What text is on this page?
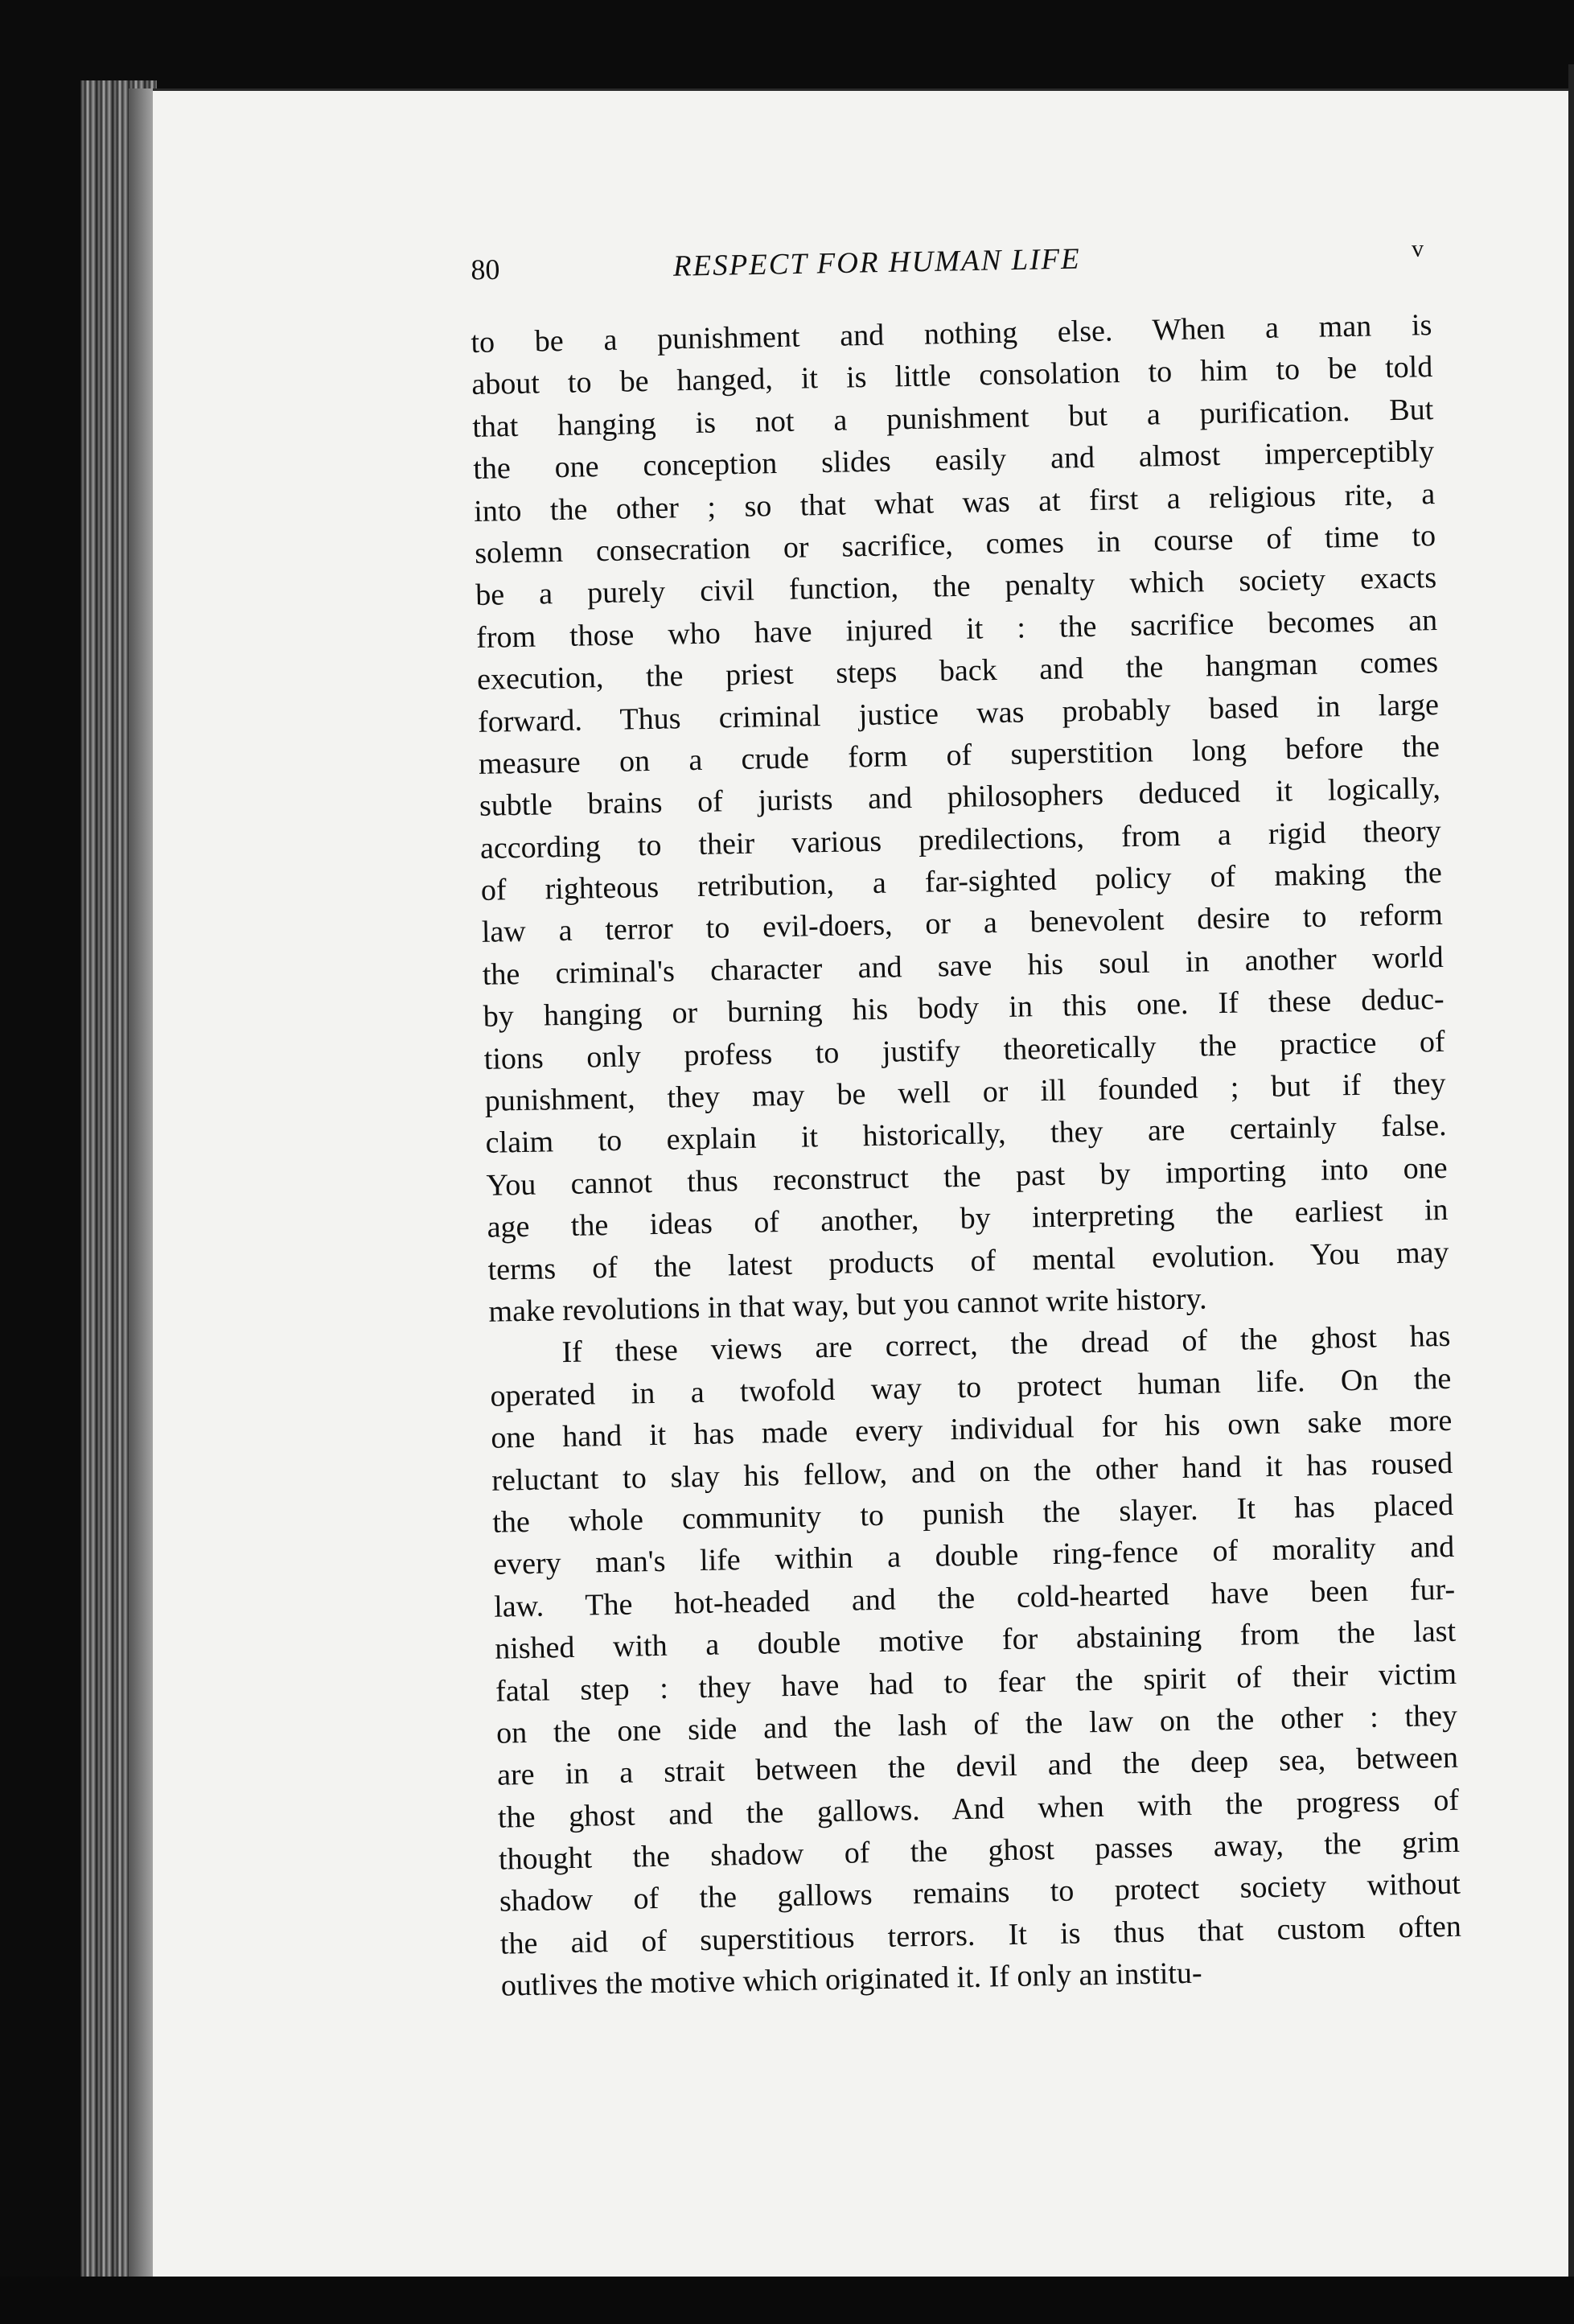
80	RESPECT FOR HUMAN LIFE	v
to be a punishment and nothing else. When a man is
about to be hanged, it is little consolation to him to be told
that hanging is not a punishment but a purification. But
the one conception slides easily and almost imperceptibly
into the other ; so that what was at first a religious rite, a
solemn consecration or sacrifice, comes in course of time to
be a purely civil function, the penalty which society exacts
from those who have injured it : the sacrifice becomes an
execution, the priest steps back and the hangman comes
forward. Thus criminal justice was probably based in large
measure on a crude form of superstition long before the
subtle brains of jurists and philosophers deduced it logically,
according to their various predilections, from a rigid theory
of righteous retribution, a far-sighted policy of making the
law a terror to evil-doers, or a benevolent desire to reform
the criminal's character and save his soul in another world
by hanging or burning his body in this one. If these deduc-
tions only profess to justify theoretically the practice of
punishment, they may be well or ill founded ; but if they
claim to explain it historically, they are certainly false.
You cannot thus reconstruct the past by importing into one
age the ideas of another, by interpreting the earliest in
terms of the latest products of mental evolution. You may
make revolutions in that way, but you cannot write history.
If these views are correct, the dread of the ghost has
operated in a twofold way to protect human life. On the
one hand it has made every individual for his own sake more
reluctant to slay his fellow, and on the other hand it has roused
the whole community to punish the slayer. It has placed
every man's life within a double ring-fence of morality and
law. The hot-headed and the cold-hearted have been fur-
nished with a double motive for abstaining from the last
fatal step : they have had to fear the spirit of their victim
on the one side and the lash of the law on the other : they
are in a strait between the devil and the deep sea, between
the ghost and the gallows. And when with the progress of
thought the shadow of the ghost passes away, the grim
shadow of the gallows remains to protect society without
the aid of superstitious terrors. It is thus that custom often
outlives the motive which originated it. If only an institu-
